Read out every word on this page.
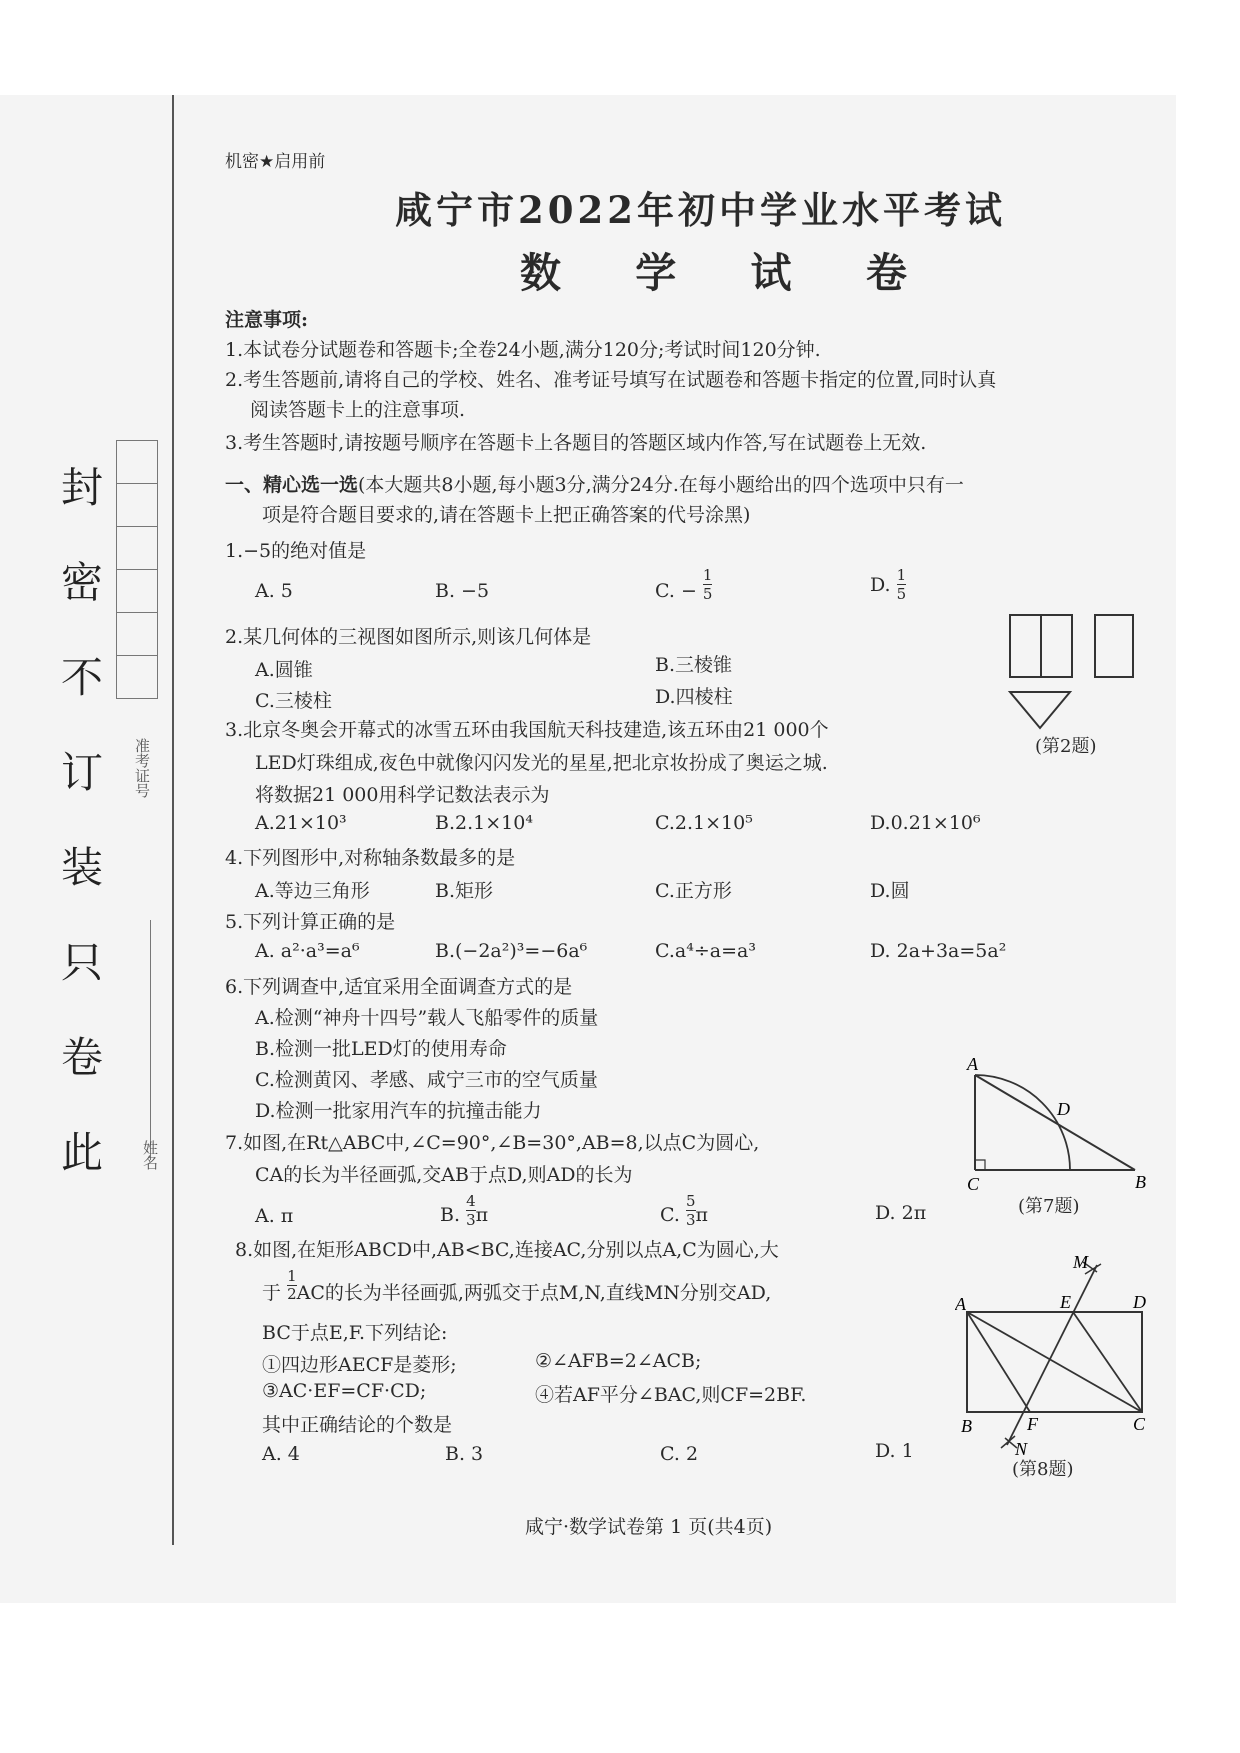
封
密
不
订
装
只
卷
此
准考证号
姓名
机密★启用前
咸宁市2022年初中学业水平考试
数 学 试 卷
注意事项:
1.本试卷分试题卷和答题卡;全卷24小题,满分120分;考试时间120分钟.
2.考生答题前,请将自己的学校、姓名、准考证号填写在试题卷和答题卡指定的位置,同时认真
阅读答题卡上的注意事项.
3.考生答题时,请按题号顺序在答题卡上各题目的答题区域内作答,写在试题卷上无效.
一、精心选一选(本大题共8小题,每小题3分,满分24分.在每小题给出的四个选项中只有一
项是符合题目要求的,请在答题卡上把正确答案的代号涂黑)
1.−5的绝对值是
A. 5	B. −5	C. − $\frac{1}{5}$	D. $\frac{1}{5}$
2.某几何体的三视图如图所示,则该几何体是
A.圆锥	B.三棱锥
C.三棱柱	D.四棱柱
(第2题)
3.北京冬奥会开幕式的冰雪五环由我国航天科技建造,该五环由21 000个
LED灯珠组成,夜色中就像闪闪发光的星星,把北京妆扮成了奥运之城.
将数据21 000用科学记数法表示为
A.21×10³	B.2.1×10⁴	C.2.1×10⁵	D.0.21×10⁶
4.下列图形中,对称轴条数最多的是
A.等边三角形	B.矩形	C.正方形	D.圆
5.下列计算正确的是
A. a²·a³=a⁶	B.(−2a²)³=−6a⁶	C.a⁴÷a=a³	D. 2a+3a=5a²
6.下列调查中,适宜采用全面调查方式的是
A.检测“神舟十四号”载人飞船零件的质量
B.检测一批LED灯的使用寿命
C.检测黄冈、孝感、咸宁三市的空气质量
D.检测一批家用汽车的抗撞击能力
7.如图,在Rt△ABC中,∠C=90°,∠B=30°,AB=8,以点C为圆心,
CA的长为半径画弧,交AB于点D,则AD的长为
A. π	B. $\frac{4}{3}$ π	C. $\frac{5}{3}$ π	D. 2π
A
D
C	B
(第7题)
8.如图,在矩形ABCD中,AB<BC,连接AC,分别以点A,C为圆心,大
于 $\frac{1}{2}$ AC的长为半径画弧,两弧交于点M,N,直线MN分别交AD,
BC于点E,F.下列结论:
①四边形AECF是菱形;	②∠AFB=2∠ACB;
③AC·EF=CF·CD;	④若AF平分∠BAC,则CF=2BF.
其中正确结论的个数是
A. 4	B. 3	C. 2	D. 1
M
A	E	D
B	F	C
N
(第8题)
咸宁·数学试卷第 1 页(共4页)
